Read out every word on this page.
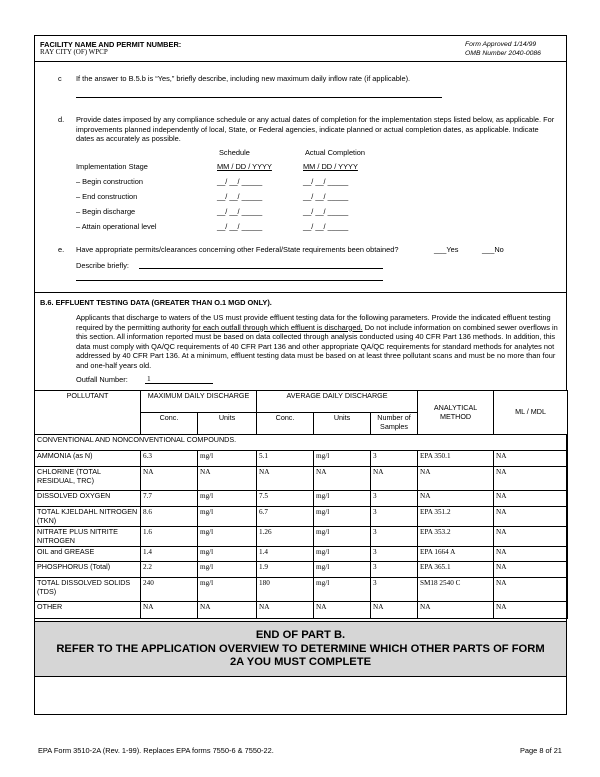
FACILITY NAME AND PERMIT NUMBER:
RAY CITY (OF) WPCP
Form Approved 1/14/99
OMB Number 2040-0086
c If the answer to B.5.b is “Yes,” briefly describe, including new maximum daily inflow rate (if applicable).
d. Provide dates imposed by any compliance schedule or any actual dates of completion for the implementation steps listed below, as applicable. For improvements planned independently of local, State, or Federal agencies, indicate planned or actual completion dates, as applicable. Indicate dates as accurately as possible.
Schedule	Actual Completion
Implementation Stage	MM / DD / YYYY	MM / DD / YYYY
– Begin construction	__/ __/ _____	__/ __/ _____
– End construction	__/ __/ _____	__/ __/ _____
– Begin discharge	__/ __/ _____	__/ __/ _____
– Attain operational level	__/ __/ _____	__/ __/ _____
e. Have appropriate permits/clearances concerning other Federal/State requirements been obtained?	___Yes	___No
Describe briefly:
B.6. EFFLUENT TESTING DATA (GREATER THAN O.1 MGD ONLY).
Applicants that discharge to waters of the US must provide effluent testing data for the following parameters. Provide the indicated effluent testing required by the permitting authority for each outfall through which effluent is discharged. Do not include information on combined sewer overflows in this section. All information reported must be based on data collected through analysis conducted using 40 CFR Part 136 methods. In addition, this data must comply with QA/QC requirements of 40 CFR Part 136 and other appropriate QA/QC requirements for standard methods for analytes not addressed by 40 CFR Part 136. At a minimum, effluent testing data must be based on at least three pollutant scans and must be no more than four and one-half years old.
Outfall Number:	1
POLLUTANT	MAXIMUM DAILY DISCHARGE		AVERAGE DAILY DISCHARGE			ANALYTICAL METHOD	ML / MDL
	Conc.	Units	Conc.	Units	Number of Samples		
CONVENTIONAL AND NONCONVENTIONAL COMPOUNDS.							
AMMONIA (as N)	6.3	mg/l	5.1	mg/l	3	EPA 350.1	NA
CHLORINE (TOTAL RESIDUAL, TRC)	NA	NA	NA	NA	NA	NA	NA
DISSOLVED OXYGEN	7.7	mg/l	7.5	mg/l	3	NA	NA
TOTAL KJELDAHL NITROGEN (TKN)	8.6	mg/l	6.7	mg/l	3	EPA 351.2	NA
NITRATE PLUS NITRITE NITROGEN	1.6	mg/l	1.26	mg/l	3	EPA 353.2	NA
OIL and GREASE	1.4	mg/l	1.4	mg/l	3	EPA 1664 A	NA
PHOSPHORUS (Total)	2.2	mg/l	1.9	mg/l	3	EPA 365.1	NA
TOTAL DISSOLVED SOLIDS (TDS)	240	mg/l	180	mg/l	3	SM18 2540 C	NA
OTHER	NA	NA	NA	NA	NA	NA	NA
END OF PART B.
REFER TO THE APPLICATION OVERVIEW TO DETERMINE WHICH OTHER PARTS OF FORM
2A YOU MUST COMPLETE
EPA Form 3510-2A (Rev. 1-99). Replaces EPA forms 7550-6 & 7550-22.	Page 8 of 21
